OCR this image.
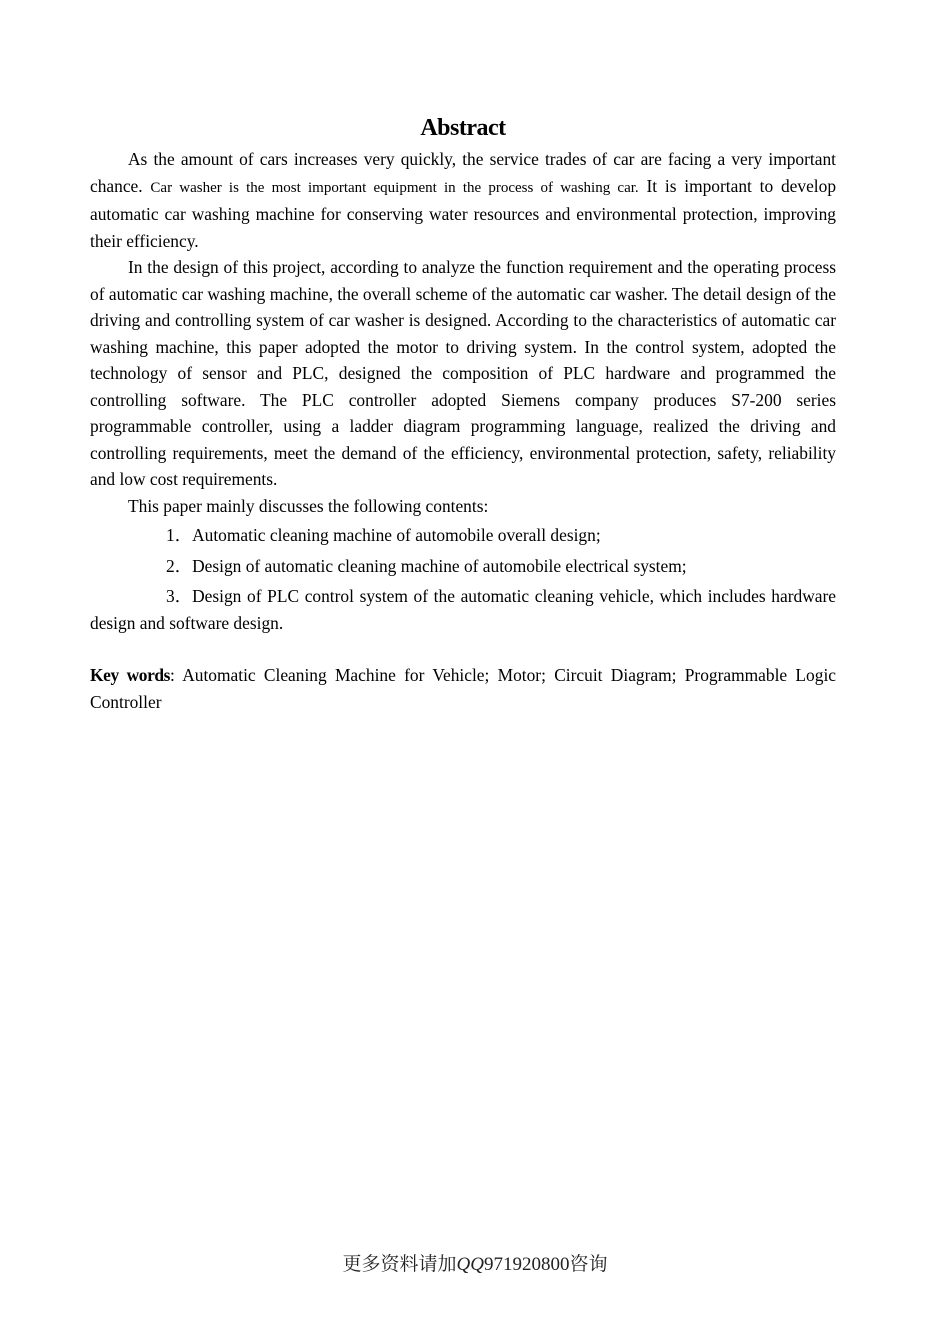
Abstract

As the amount of cars increases very quickly, the service trades of car are facing a very important chance. Car washer is the most important equipment in the process of washing car. It is important to develop automatic car washing machine for conserving water resources and environmental protection, improving their efficiency.

In the design of this project, according to analyze the function requirement and the operating process of automatic car washing machine, the overall scheme of the automatic car washer. The detail design of the driving and controlling system of car washer is designed. According to the characteristics of automatic car washing machine, this paper adopted the motor to driving system. In the control system, adopted the technology of sensor and PLC, designed the composition of PLC hardware and programmed the controlling software. The PLC controller adopted Siemens company produces S7-200 series programmable controller, using a ladder diagram programming language, realized the driving and controlling requirements, meet the demand of the efficiency, environmental protection, safety, reliability and low cost requirements.

This paper mainly discusses the following contents:

1．Automatic cleaning machine of automobile overall design;

2．Design of automatic cleaning machine of automobile electrical system;

3．Design of PLC control system of the automatic cleaning vehicle, which includes hardware design and software design.

Key words: Automatic Cleaning Machine for Vehicle; Motor; Circuit Diagram; Programmable Logic Controller

更多资料请加QQ971920800咨询
